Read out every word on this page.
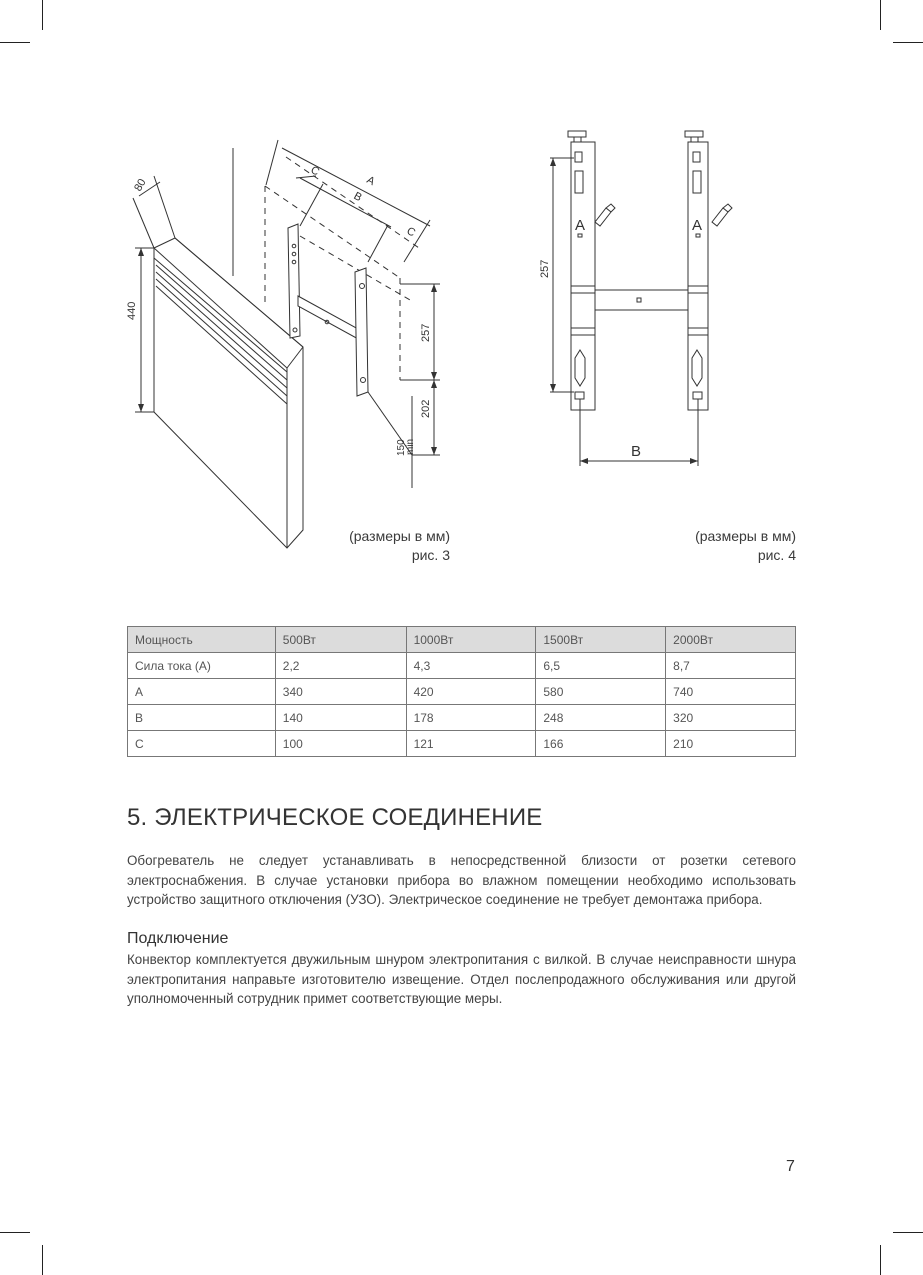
80
440
C
A
B
C
257
202
150
min
A	A
257
B
(размеры в мм)
рис. 3
(размеры в мм)
рис. 4
Мощность	500Вт	1000Вт	1500Вт	2000Вт
Сила тока (А)	2,2	4,3	6,5	8,7
A	340	420	580	740
B	140	178	248	320
C	100	121	166	210
5. ЭЛЕКТРИЧЕСКОЕ СОЕДИНЕНИЕ

Обогреватель не следует устанавливать в непосредственной близости от розетки сетевого электроснабжения. В случае установки прибора во влажном помещении необходимо использовать устройство защитного отключения (УЗО). Электрическое соединение не требует демонтажа прибора.

Подключение

Конвектор комплектуется двужильным шнуром электропитания с вилкой. В случае неисправности шнура электропитания направьте изготовителю извещение. Отдел послепродажного обслуживания или другой уполномоченный сотрудник примет соответствующие меры.

7
